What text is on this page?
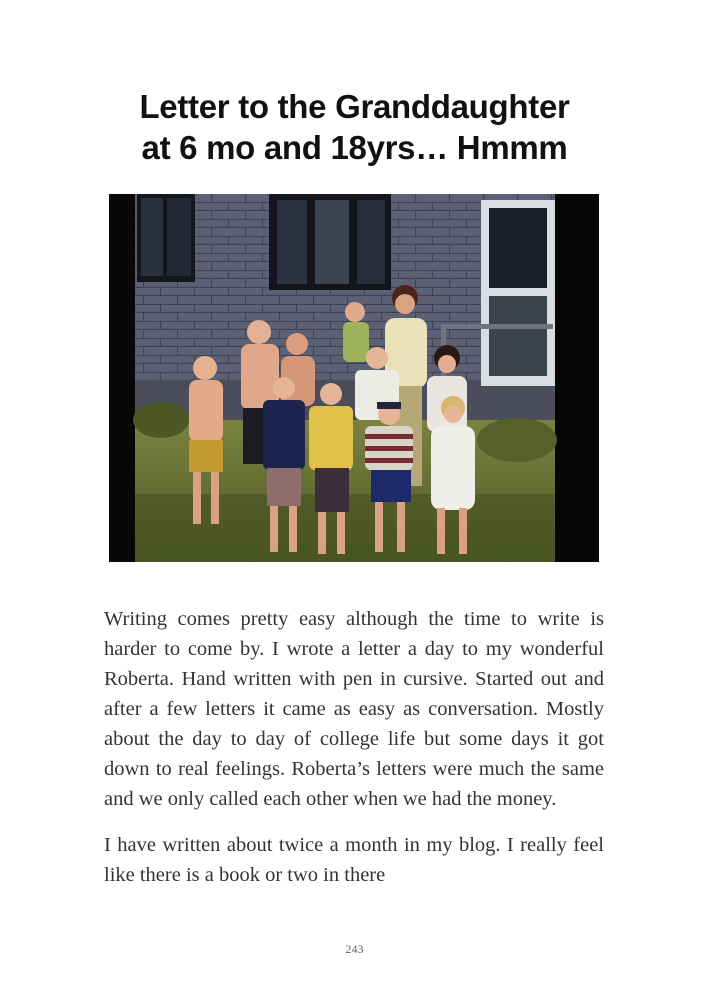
Letter to the Granddaughter
at 6 mo and 18yrs… Hmmm

Writing comes pretty easy although the time to write is harder to come by. I wrote a letter a day to my wonderful Roberta. Hand written with pen in cursive. Started out and after a few letters it came as easy as conversation. Mostly about the day to day of college life but some days it got down to real feelings. Roberta’s letters were much the same and we only called each other when we had the money.

I have written about twice a month in my blog. I really feel like there is a book or two in there

243
